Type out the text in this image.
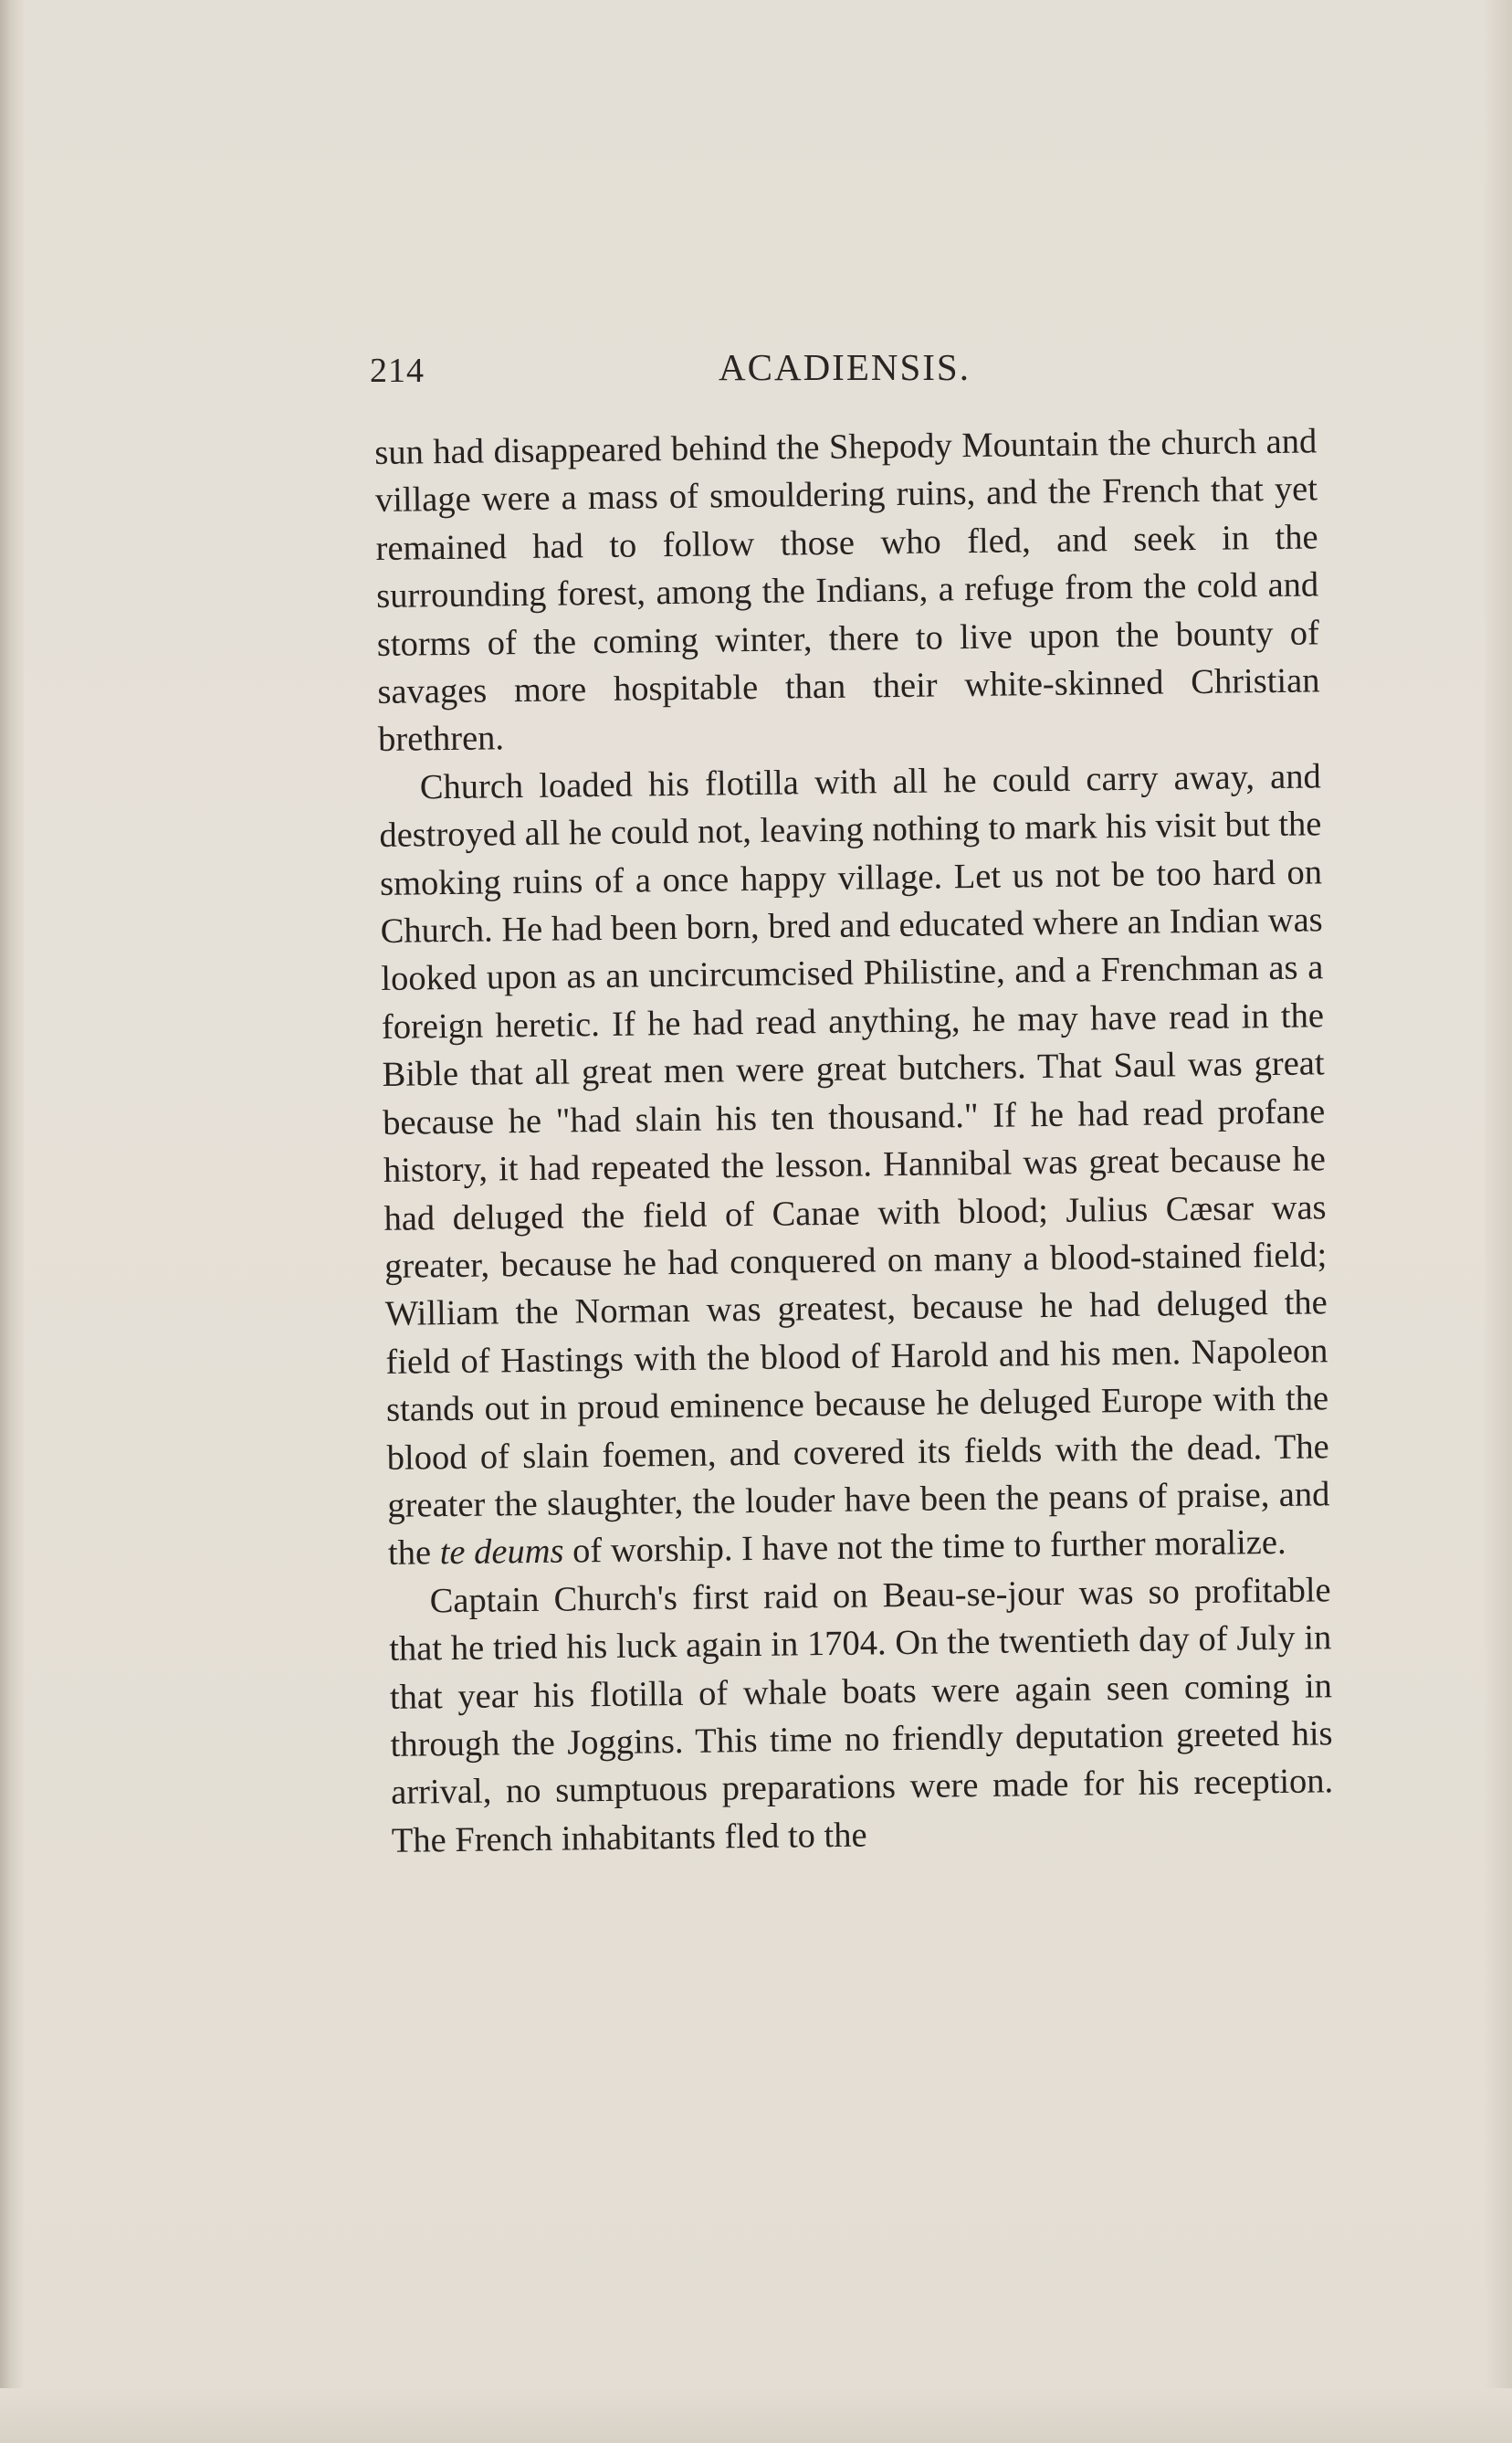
214	ACADIENSIS.

sun had disappeared behind the Shepody Mountain the church and village were a mass of smouldering ruins, and the French that yet remained had to follow those who fled, and seek in the surrounding forest, among the Indians, a refuge from the cold and storms of the coming winter, there to live upon the bounty of savages more hospitable than their white-skinned Christian brethren.

Church loaded his flotilla with all he could carry away, and destroyed all he could not, leaving nothing to mark his visit but the smoking ruins of a once happy village. Let us not be too hard on Church. He had been born, bred and educated where an Indian was looked upon as an uncircumcised Philistine, and a Frenchman as a foreign heretic. If he had read anything, he may have read in the Bible that all great men were great butchers. That Saul was great because he "had slain his ten thousand." If he had read profane history, it had repeated the lesson. Hannibal was great because he had deluged the field of Canae with blood; Julius Cæsar was greater, because he had conquered on many a blood-stained field; William the Norman was greatest, because he had deluged the field of Hastings with the blood of Harold and his men. Napoleon stands out in proud eminence because he deluged Europe with the blood of slain foemen, and covered its fields with the dead. The greater the slaughter, the louder have been the peans of praise, and the te deums of worship. I have not the time to further moralize.

Captain Church's first raid on Beau-se-jour was so profitable that he tried his luck again in 1704. On the twentieth day of July in that year his flotilla of whale boats were again seen coming in through the Joggins. This time no friendly deputation greeted his arrival, no sumptuous preparations were made for his reception. The French inhabitants fled to the
